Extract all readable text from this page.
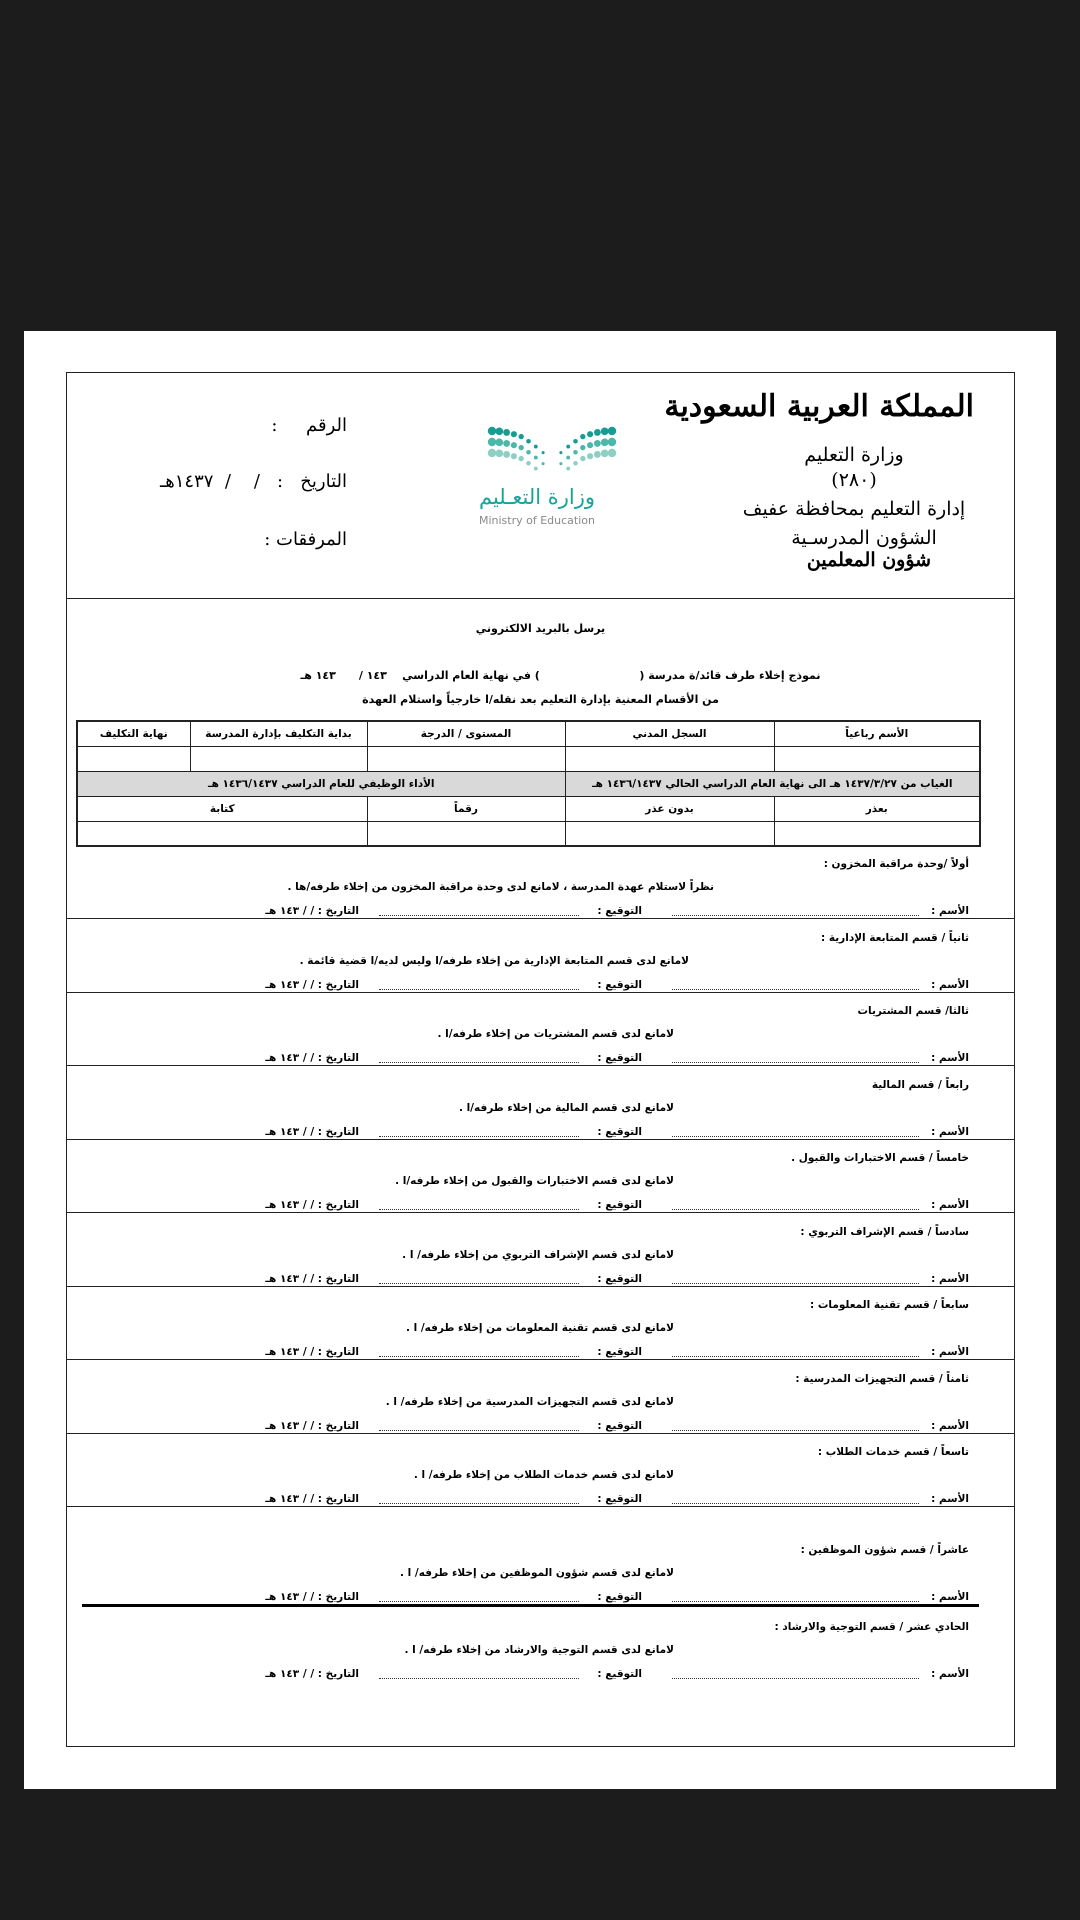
المملكة العربية السعودية
وزارة التعليم
(٢٨٠)
إدارة التعليم بمحافظة عفيف
الشؤون المدرسـية
شؤون المعلمين
وزارة التعـليم
Ministry of Education
الرقم     :
التاريخ   :   /    /  ١٤٣٧هـ
المرفقات :
يرسل بالبريد الالكتروني
نموذج إخلاء طرف قائد/ة مدرسة (                          ) في نهاية العام الدراسي    ١٤٣ /      ١٤٣ هـ
من الأقسام المعنية بإدارة التعليم بعد نقله/ا خارجياً واستلام العهدة
الأسم رباعياً	السجل المدني	المستوى / الدرجة	بداية التكليف بإدارة المدرسة	نهاية التكليف

الغياب من ١٤٣٧/٣/٢٧ هـ الى نهاية العام الدراسي الحالي ١٤٣٦/١٤٣٧ هـ		الأداء الوظيفي للعام الدراسي ١٤٣٦/١٤٣٧ هـ		
بعذر	بدون عذر	رقماً	كتابة	

أولاً /وحدة مراقبة المخزون :
نظراً لاستلام عهدة المدرسة ، لامانع لدى وحدة مراقبة المخزون من إخلاء طرفه/ها .
الأسم :
التوقيع :
التاريخ : / / ١٤٣ هـ
ثانياً / قسم المتابعة الإدارية :
لامانع لدى قسم المتابعة الإدارية من إخلاء طرفه/ا وليس لديه/ا قضية قائمة .
الأسم :
التوقيع :
التاريخ : / / ١٤٣ هـ
ثالثا/ قسم المشتريات
لامانع لدى قسم المشتريات من إخلاء طرفه/ا .
الأسم :
التوقيع :
التاريخ : / / ١٤٣ هـ
رابعاً / قسم المالية
لامانع لدى قسم المالية من إخلاء طرفه/ا .
الأسم :
التوقيع :
التاريخ : / / ١٤٣ هـ
خامساً / قسم الاختبارات والقبول .
لامانع لدى قسم الاختبارات والقبول من إخلاء طرفه/ا .
الأسم :
التوقيع :
التاريخ : / / ١٤٣ هـ
سادساً / قسم الإشراف التربوي :
لامانع لدى قسم الإشراف التربوي من إخلاء طرفه/ ا .
الأسم :
التوقيع :
التاريخ : / / ١٤٣ هـ
سابعاً / قسم تقنية المعلومات :
لامانع لدى قسم تقنية المعلومات من إخلاء طرفه/ ا .
الأسم :
التوقيع :
التاريخ : / / ١٤٣ هـ
ثامناً / قسم التجهيزات المدرسية :
لامانع لدى قسم التجهيزات المدرسية من إخلاء طرفه/ ا .
الأسم :
التوقيع :
التاريخ : / / ١٤٣ هـ
تاسعاً / قسم خدمات الطلاب :
لامانع لدى قسم خدمات الطلاب من إخلاء طرفه/ ا .
الأسم :
التوقيع :
التاريخ : / / ١٤٣ هـ
عاشراً / قسم شؤون الموظفين :
لامانع لدى قسم شؤون الموظفين من إخلاء طرفه/ ا .
الأسم :
التوقيع :
التاريخ : / / ١٤٣ هـ
الحادي عشر / قسم التوجية والارشاد :
لامانع لدى قسم التوجية والارشاد من إخلاء طرفه/ ا .
الأسم :
التوقيع :
التاريخ : / / ١٤٣ هـ
